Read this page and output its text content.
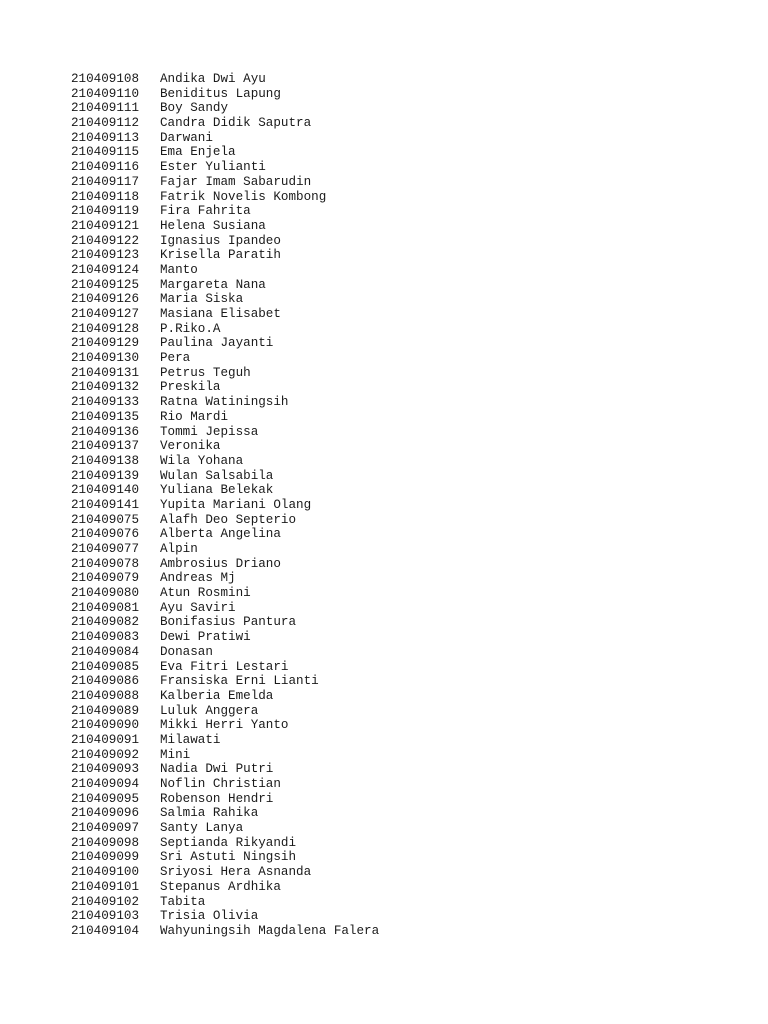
210409108	Andika Dwi Ayu
210409110	Beniditus Lapung
210409111	Boy Sandy
210409112	Candra Didik Saputra
210409113	Darwani
210409115	Ema Enjela
210409116	Ester Yulianti
210409117	Fajar Imam Sabarudin
210409118	Fatrik Novelis Kombong
210409119	Fira Fahrita
210409121	Helena Susiana
210409122	Ignasius Ipandeo
210409123	Krisella Paratih
210409124	Manto
210409125	Margareta Nana
210409126	Maria Siska
210409127	Masiana Elisabet
210409128	P.Riko.A
210409129	Paulina Jayanti
210409130	Pera
210409131	Petrus Teguh
210409132	Preskila
210409133	Ratna Watiningsih
210409135	Rio Mardi
210409136	Tommi Jepissa
210409137	Veronika
210409138	Wila Yohana
210409139	Wulan Salsabila
210409140	Yuliana Belekak
210409141	Yupita Mariani Olang
210409075	Alafh Deo Septerio
210409076	Alberta Angelina
210409077	Alpin
210409078	Ambrosius Driano
210409079	Andreas Mj
210409080	Atun Rosmini
210409081	Ayu Saviri
210409082	Bonifasius Pantura
210409083	Dewi Pratiwi
210409084	Donasan
210409085	Eva Fitri Lestari
210409086	Fransiska Erni Lianti
210409088	Kalberia Emelda
210409089	Luluk Anggera
210409090	Mikki Herri Yanto
210409091	Milawati
210409092	Mini
210409093	Nadia Dwi Putri
210409094	Noflin Christian
210409095	Robenson Hendri
210409096	Salmia Rahika
210409097	Santy Lanya
210409098	Septianda Rikyandi
210409099	Sri Astuti Ningsih
210409100	Sriyosi Hera Asnanda
210409101	Stepanus Ardhika
210409102	Tabita
210409103	Trisia Olivia
210409104	Wahyuningsih Magdalena Falera
